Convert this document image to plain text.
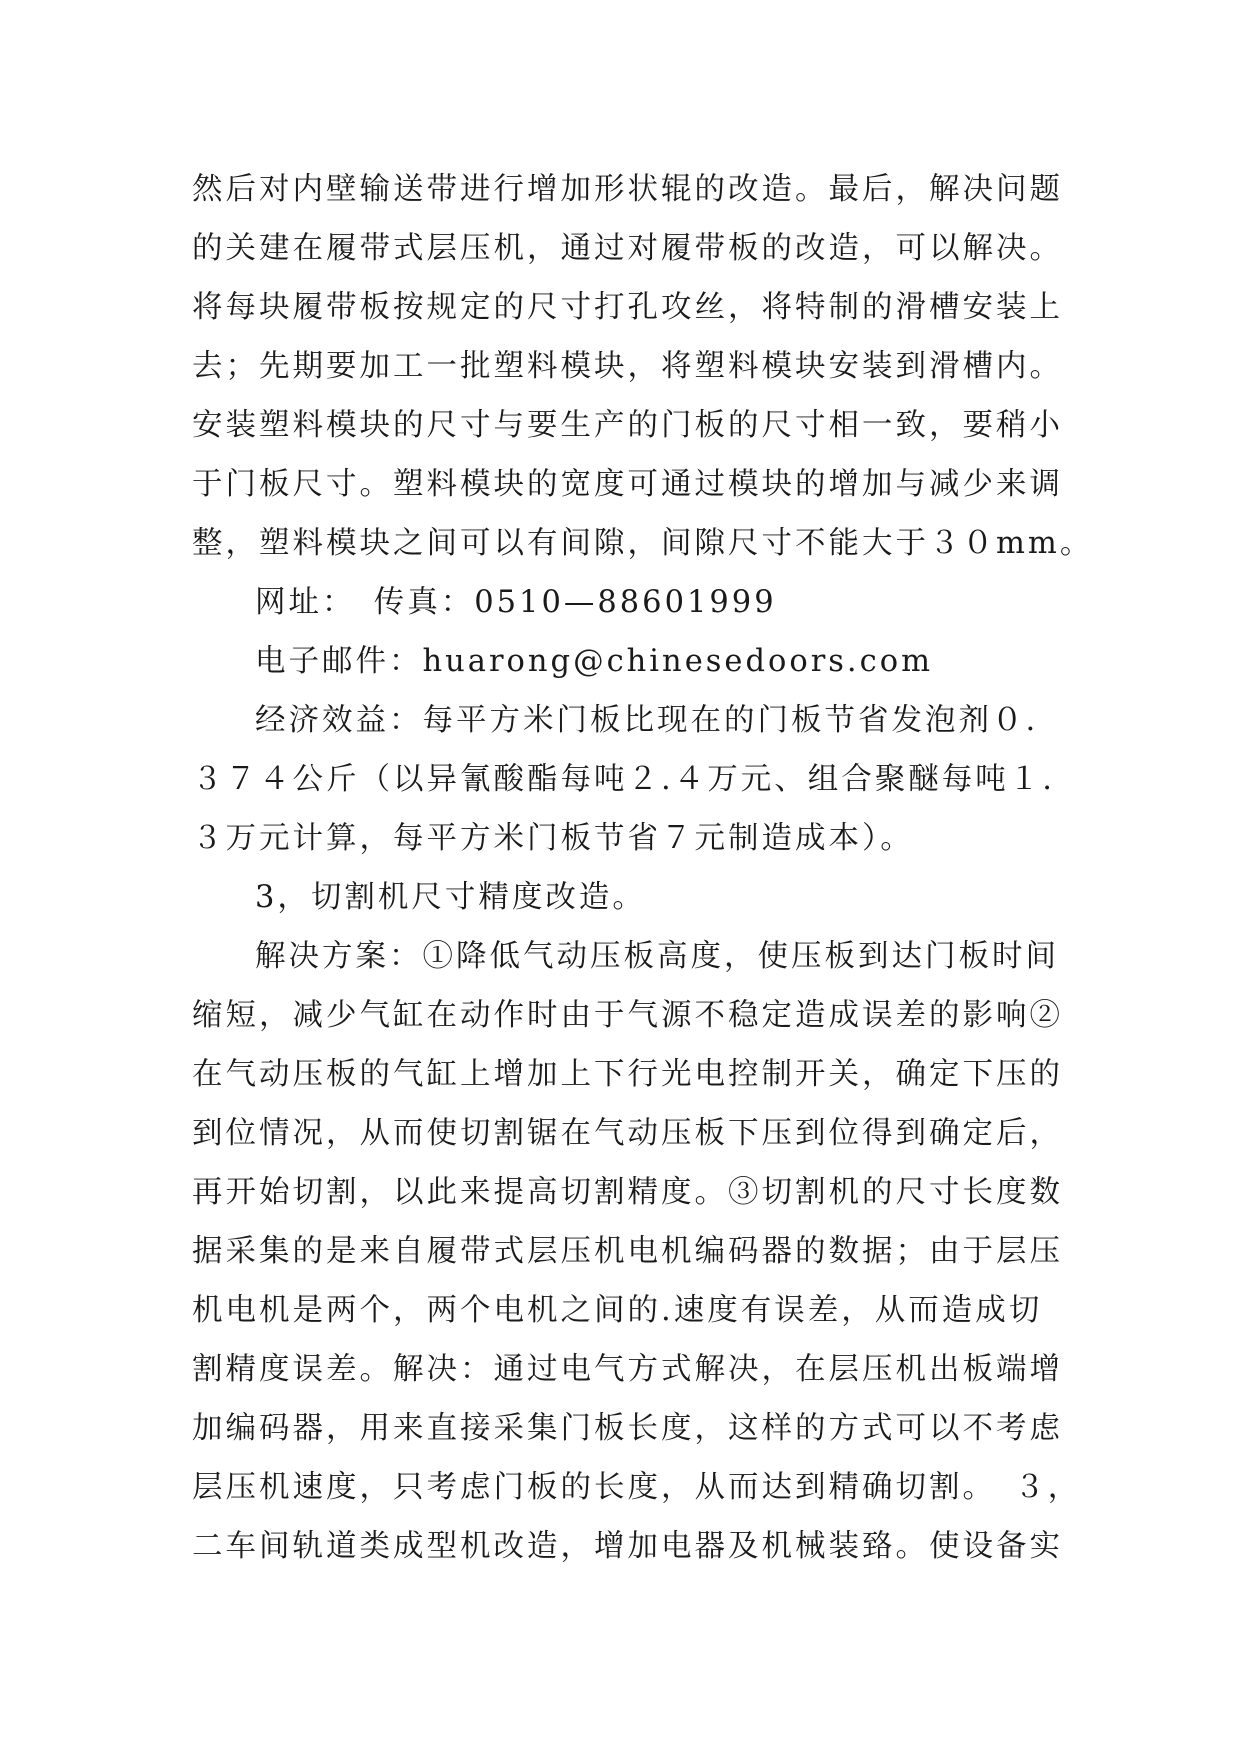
然后对内壁输送带进行增加形状辊的改造。最后，解决问题
的关建在履带式层压机，通过对履带板的改造，可以解决。
将每块履带板按规定的尺寸打孔攻丝，将特制的滑槽安装上
去；先期要加工一批塑料模块，将塑料模块安装到滑槽内。
安装塑料模块的尺寸与要生产的门板的尺寸相一致，要稍小
于门板尺寸。塑料模块的宽度可通过模块的增加与减少来调
整，塑料模块之间可以有间隙，间隙尺寸不能大于３０mm。
网址：　传真：0510—88601999
电子邮件：huarong@chinesedoors.com
经济效益：每平方米门板比现在的门板节省发泡剂０.
３７４公斤（以异氰酸酯每吨２.４万元、组合聚醚每吨１.
３万元计算，每平方米门板节省７元制造成本）。
3，切割机尺寸精度改造。
解决方案：①降低气动压板高度，使压板到达门板时间
缩短，减少气缸在动作时由于气源不稳定造成误差的影响②
在气动压板的气缸上增加上下行光电控制开关，确定下压的
到位情况，从而使切割锯在气动压板下压到位得到确定后，
再开始切割，以此来提高切割精度。③切割机的尺寸长度数
据采集的是来自履带式层压机电机编码器的数据；由于层压
机电机是两个，两个电机之间的.速度有误差，从而造成切
割精度误差。解决：通过电气方式解决，在层压机出板端增
加编码器，用来直接采集门板长度，这样的方式可以不考虑
层压机速度，只考虑门板的长度，从而达到精确切割。　３，
二车间轨道类成型机改造，增加电器及机械装臵。使设备实
